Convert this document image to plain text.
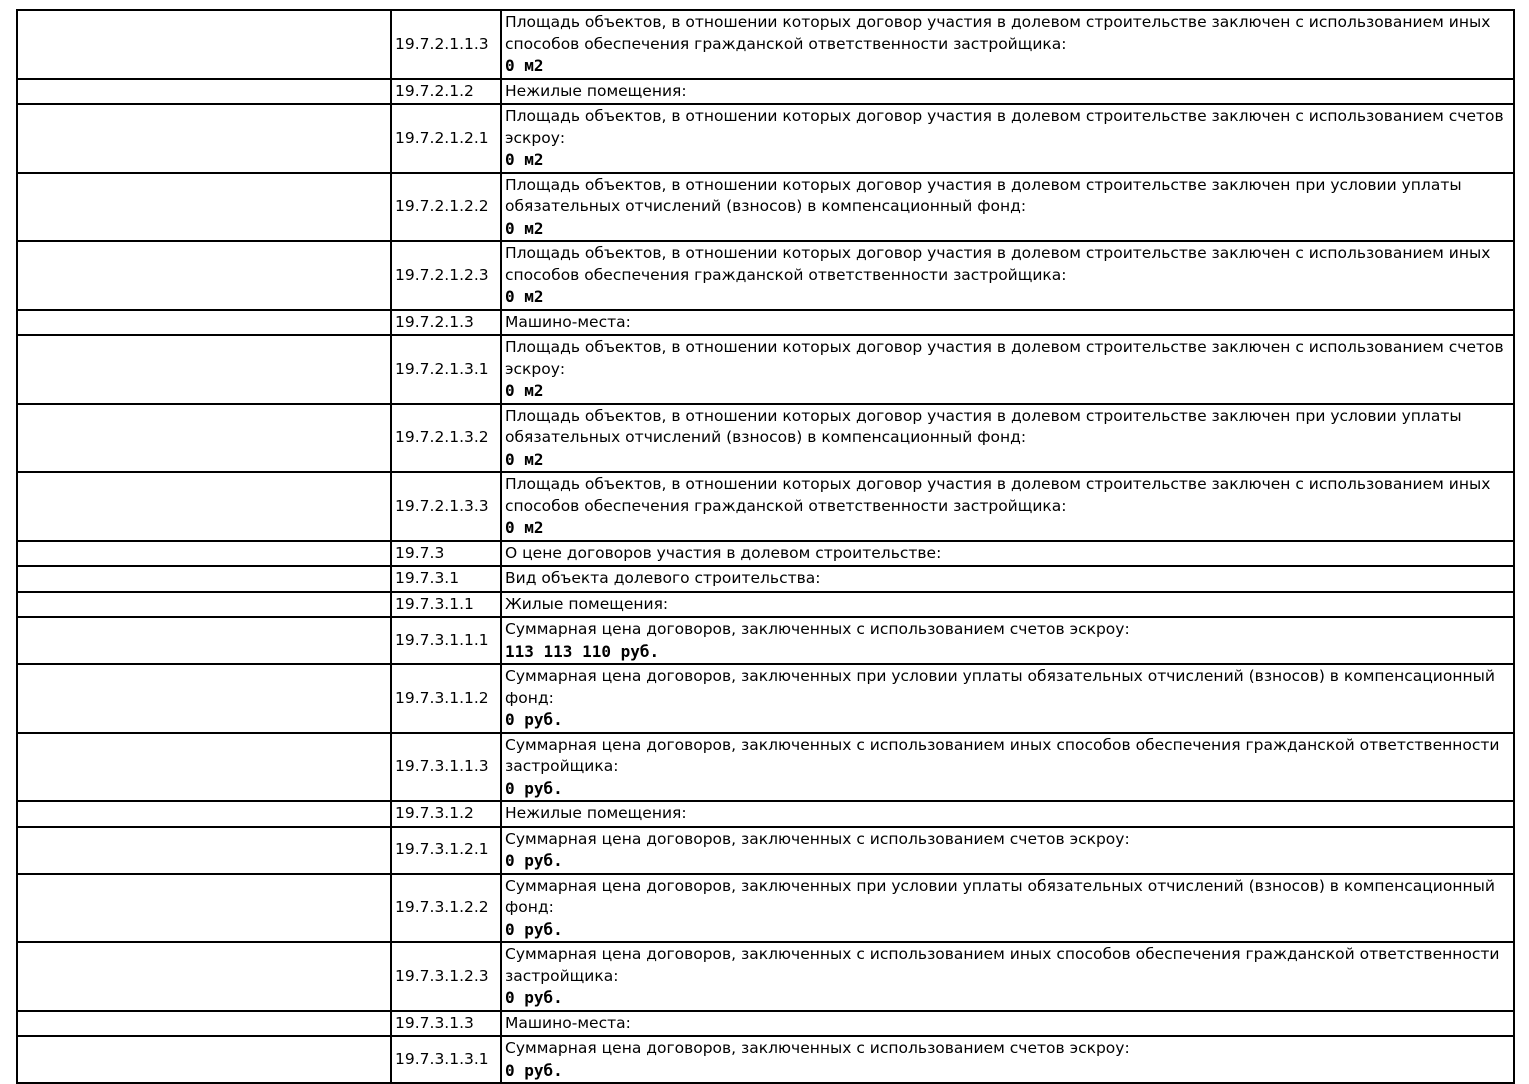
	19.7.2.1.1.3	Площадь объектов, в отношении которых договор участия в долевом строительстве заключен с использованием иных способов обеспечения гражданской ответственности застройщика:
0 м2

	19.7.2.1.2	Нежилые помещения:

	19.7.2.1.2.1	Площадь объектов, в отношении которых договор участия в долевом строительстве заключен с использованием счетов эскроу:
0 м2

	19.7.2.1.2.2	Площадь объектов, в отношении которых договор участия в долевом строительстве заключен при условии уплаты обязательных отчислений (взносов) в компенсационный фонд:
0 м2

	19.7.2.1.2.3	Площадь объектов, в отношении которых договор участия в долевом строительстве заключен с использованием иных способов обеспечения гражданской ответственности застройщика:
0 м2

	19.7.2.1.3	Машино-места:

	19.7.2.1.3.1	Площадь объектов, в отношении которых договор участия в долевом строительстве заключен с использованием счетов эскроу:
0 м2

	19.7.2.1.3.2	Площадь объектов, в отношении которых договор участия в долевом строительстве заключен при условии уплаты обязательных отчислений (взносов) в компенсационный фонд:
0 м2

	19.7.2.1.3.3	Площадь объектов, в отношении которых договор участия в долевом строительстве заключен с использованием иных способов обеспечения гражданской ответственности застройщика:
0 м2

	19.7.3	О цене договоров участия в долевом строительстве:

	19.7.3.1	Вид объекта долевого строительства:

	19.7.3.1.1	Жилые помещения:

	19.7.3.1.1.1	Суммарная цена договоров, заключенных с использованием счетов эскроу:
113 113 110 руб.

	19.7.3.1.1.2	Суммарная цена договоров, заключенных при условии уплаты обязательных отчислений (взносов) в компенсационный фонд:
0 руб.

	19.7.3.1.1.3	Суммарная цена договоров, заключенных с использованием иных способов обеспечения гражданской ответственности застройщика:
0 руб.

	19.7.3.1.2	Нежилые помещения:

	19.7.3.1.2.1	Суммарная цена договоров, заключенных с использованием счетов эскроу:
0 руб.

	19.7.3.1.2.2	Суммарная цена договоров, заключенных при условии уплаты обязательных отчислений (взносов) в компенсационный фонд:
0 руб.

	19.7.3.1.2.3	Суммарная цена договоров, заключенных с использованием иных способов обеспечения гражданской ответственности застройщика:
0 руб.

	19.7.3.1.3	Машино-места:

	19.7.3.1.3.1	Суммарная цена договоров, заключенных с использованием счетов эскроу:
0 руб.
